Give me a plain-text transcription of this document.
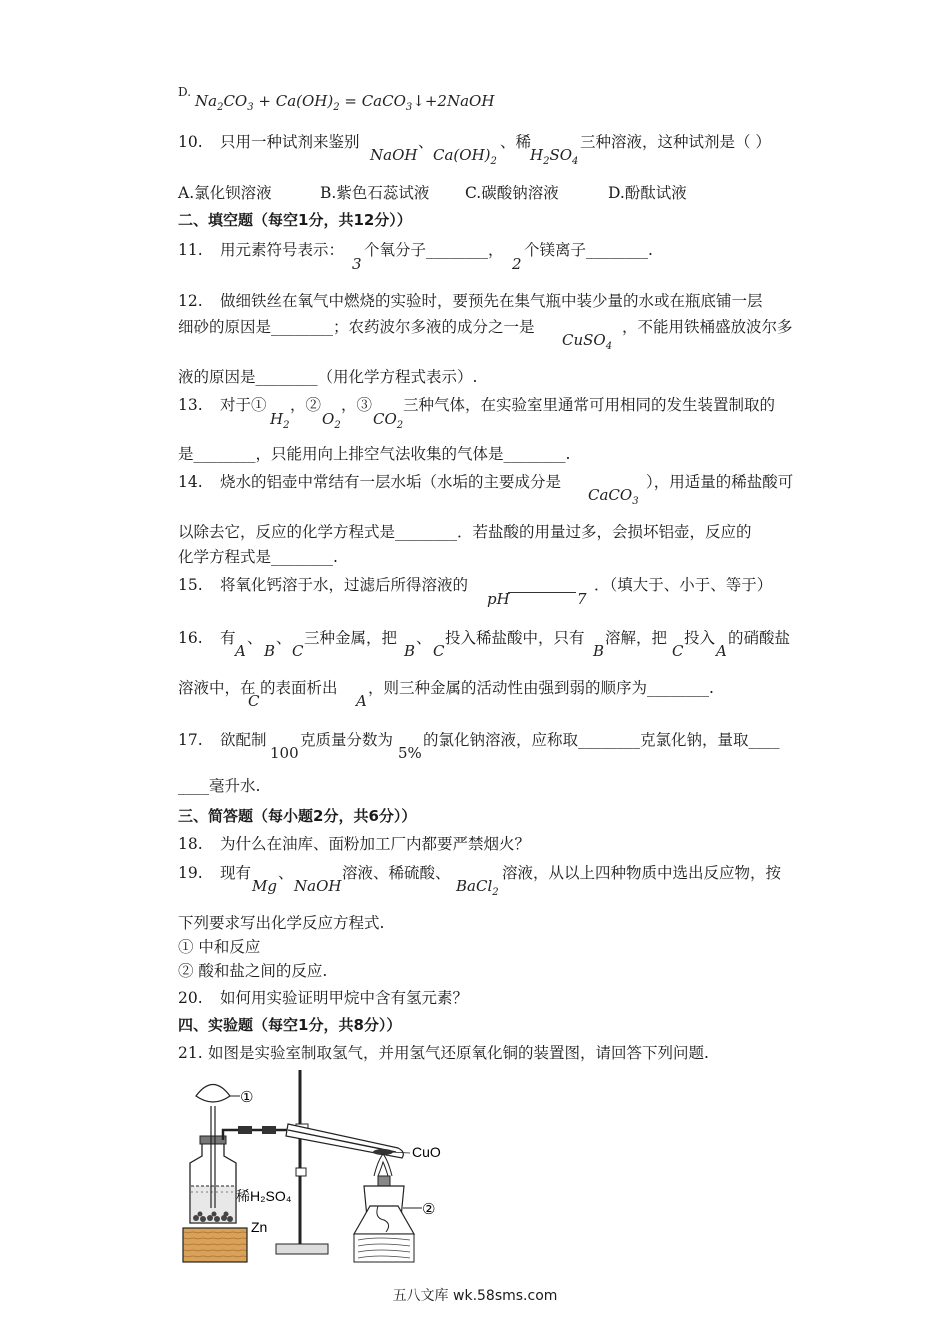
D. $Na_2CO_3 + Ca(OH)_2$ = CaCO$_3$↓+2NaOH
10. 只用一种试剂来鉴别
NaOH
、
$Ca(OH)_2$
、稀
$H_2SO_4$
三种溶液，这种试剂是（ ）
A.氯化钡溶液	B.紫色石蕊试液 C.碳酸钠溶液	D.酚酞试液
二、填空题（每空1分，共12分））
11. 用元素符号表示：
3
个氧分子________，
2
个镁离子________.
12. 做细铁丝在氧气中燃烧的实验时，要预先在集气瓶中装少量的水或在瓶底铺一层
细砂的原因是________；农药波尔多液的成分之一是
CuSO$_4$
，不能用铁桶盛放波尔多
液的原因是________（用化学方程式表示）.
13. 对于①
$H_2$
，②
$O_2$
，③
$CO_2$
三种气体，在实验室里通常可用相同的发生装置制取的
是________，只能用向上排空气法收集的气体是________.
14. 烧水的铝壶中常结有一层水垢（水垢的主要成分是
CaCO$_3$
），用适量的稀盐酸可
以除去它，反应的化学方程式是________．若盐酸的用量过多，会损坏铝壶，反应的
化学方程式是________.
15. 将氧化钙溶于水，过滤后所得溶液的
pH	7
．（填大于、小于、等于）
16. 有
A
、
B
、
C
三种金属，把
B
、
C
投入稀盐酸中，只有
B
溶解，把
C
投入
A
的硝酸盐
溶液中，在
C
的表面析出
A
，则三种金属的活动性由强到弱的顺序为________.
17. 欲配制
100
克质量分数为
5%
的氯化钠溶液，应称取________克氯化钠，量取____
____毫升水.
三、简答题（每小题2分，共6分））
18. 为什么在油库、面粉加工厂内都要严禁烟火？
19. 现有
Mg
、
NaOH
溶液、稀硫酸、
BaCl$_2$
溶液，从以上四种物质中选出反应物，按
下列要求写出化学反应方程式.
① 中和反应
② 酸和盐之间的反应.
20. 如何用实验证明甲烷中含有氢元素？
四、实验题（每空1分，共8分））
21. 如图是实验室制取氢气，并用氢气还原氧化铜的装置图，请回答下列问题.
①
稀H₂SO₄
Zn
CuO
②
五八文库 wk.58sms.com
